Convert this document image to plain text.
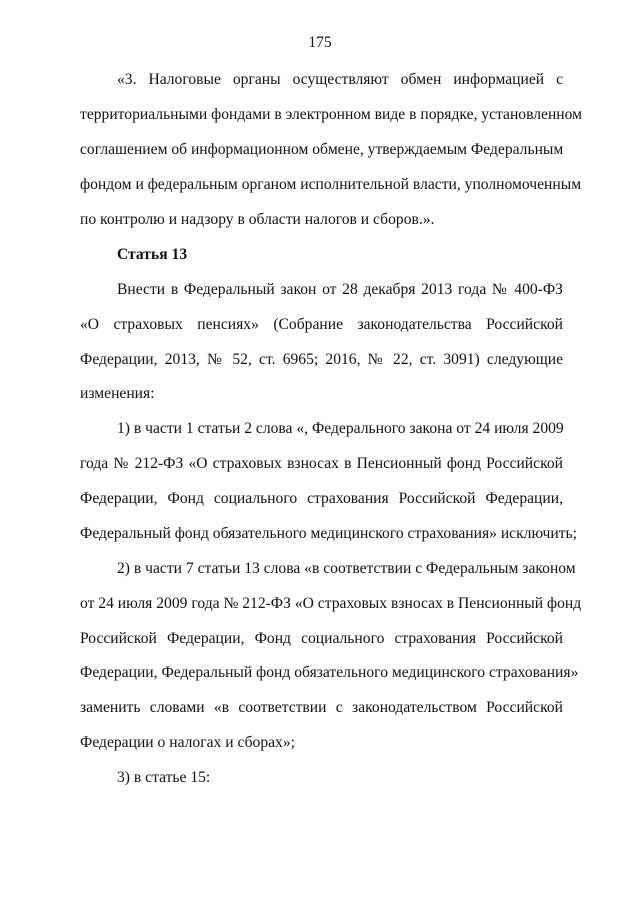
175
«3. Налоговые органы осуществляют обмен информацией с
территориальными фондами в электронном виде в порядке, установленном
соглашением об информационном обмене, утверждаемым Федеральным
фондом и федеральным органом исполнительной власти, уполномоченным
по контролю и надзору в области налогов и сборов.».
Статья 13
Внести в Федеральный закон от 28 декабря 2013 года № 400-ФЗ
«О страховых пенсиях» (Собрание законодательства Российской
Федерации, 2013, № 52, ст. 6965; 2016, № 22, ст. 3091) следующие
изменения:
1) в части 1 статьи 2 слова «, Федерального закона от 24 июля 2009
года № 212-ФЗ «О страховых взносах в Пенсионный фонд Российской
Федерации, Фонд социального страхования Российской Федерации,
Федеральный фонд обязательного медицинского страхования» исключить;
2) в части 7 статьи 13 слова «в соответствии с Федеральным законом
от 24 июля 2009 года № 212-ФЗ «О страховых взносах в Пенсионный фонд
Российской Федерации, Фонд социального страхования Российской
Федерации, Федеральный фонд обязательного медицинского страхования»
заменить словами «в соответствии с законодательством Российской
Федерации о налогах и сборах»;
3) в статье 15:
